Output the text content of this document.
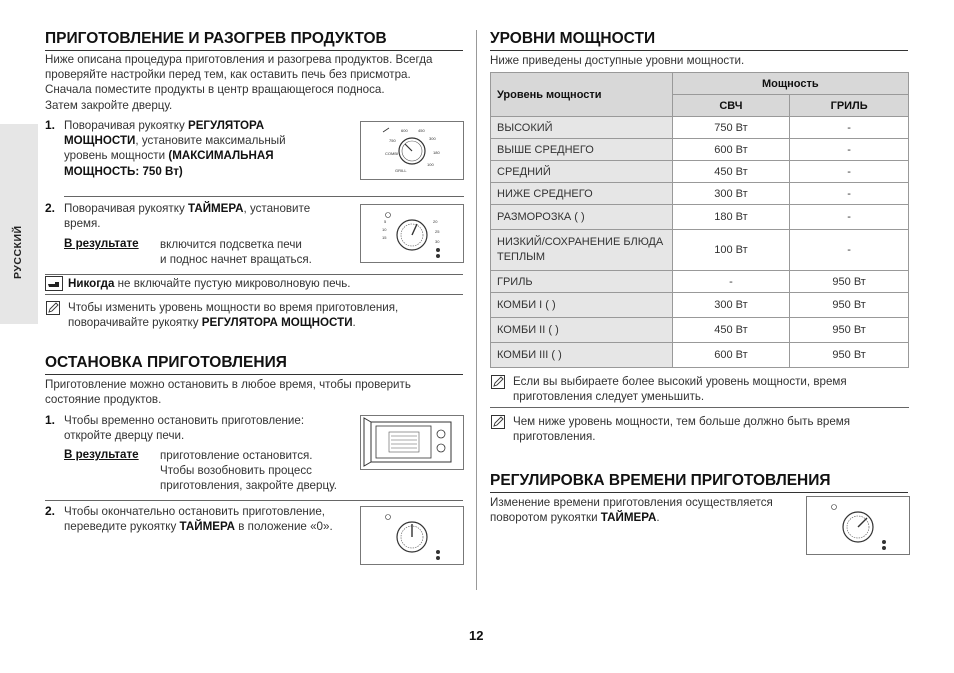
РУССКИЙ
ПРИГОТОВЛЕНИЕ И РАЗОГРЕВ ПРОДУКТОВ
Ниже описана процедура приготовления и разогрева продуктов. Всегда
проверяйте настройки перед тем, как оставить печь без присмотра.
Сначала поместите продукты в центр вращающегося подноса.
Затем закройте дверцу.
1. Поворачивая рукоятку РЕГУЛЯТОРА
МОЩНОСТИ, установите максимальный
уровень мощности (МАКСИМАЛЬНАЯ
МОЩНОСТЬ: 750 Вт)
600	450
300
180
100
750
COMBI
GRILL
2. Поворачивая рукоятку ТАЙМЕРА, установите
время.
В результате включится подсветка печи
и поднос начнет вращаться.
5
10
15
20
25
30
Никогда не включайте пустую микроволновую печь.
Чтобы изменить уровень мощности во время приготовления,
поворачивайте рукоятку РЕГУЛЯТОРА МОЩНОСТИ.
ОСТАНОВКА ПРИГОТОВЛЕНИЯ
Приготовление можно остановить в любое время, чтобы проверить
состояние продуктов.
1. Чтобы временно остановить приготовление:
откройте дверцу печи.
В результате приготовление остановится.
Чтобы возобновить процесс
приготовления, закройте дверцу.
2. Чтобы окончательно остановить приготовление,
переведите рукоятку ТАЙМЕРА в положение «0».
УРОВНИ МОЩНОСТИ
Ниже приведены доступные уровни мощности.
Уровень мощности	Мощность	
	СВЧ	ГРИЛЬ
ВЫСОКИЙ	750 Вт	-
ВЫШЕ СРЕДНЕГО	600 Вт	-
СРЕДНИЙ	450 Вт	-
НИЖЕ СРЕДНЕГО	300 Вт	-
РАЗМОРОЗКА ( )	180 Вт	-
НИЗКИЙ/СОХРАНЕНИЕ БЛЮДА ТЕПЛЫМ	100 Вт	-
ГРИЛЬ	-	950 Вт
КОМБИ I ( )	300 Вт	950 Вт
КОМБИ II ( )	450 Вт	950 Вт
КОМБИ III ( )	600 Вт	950 Вт
Если вы выбираете более высокий уровень мощности, время
приготовления следует уменьшить.
Чем ниже уровень мощности, тем больше должно быть время
приготовления.
РЕГУЛИРОВКА ВРЕМЕНИ ПРИГОТОВЛЕНИЯ
Изменение времени приготовления осуществляется
поворотом рукоятки ТАЙМЕРА.
12
